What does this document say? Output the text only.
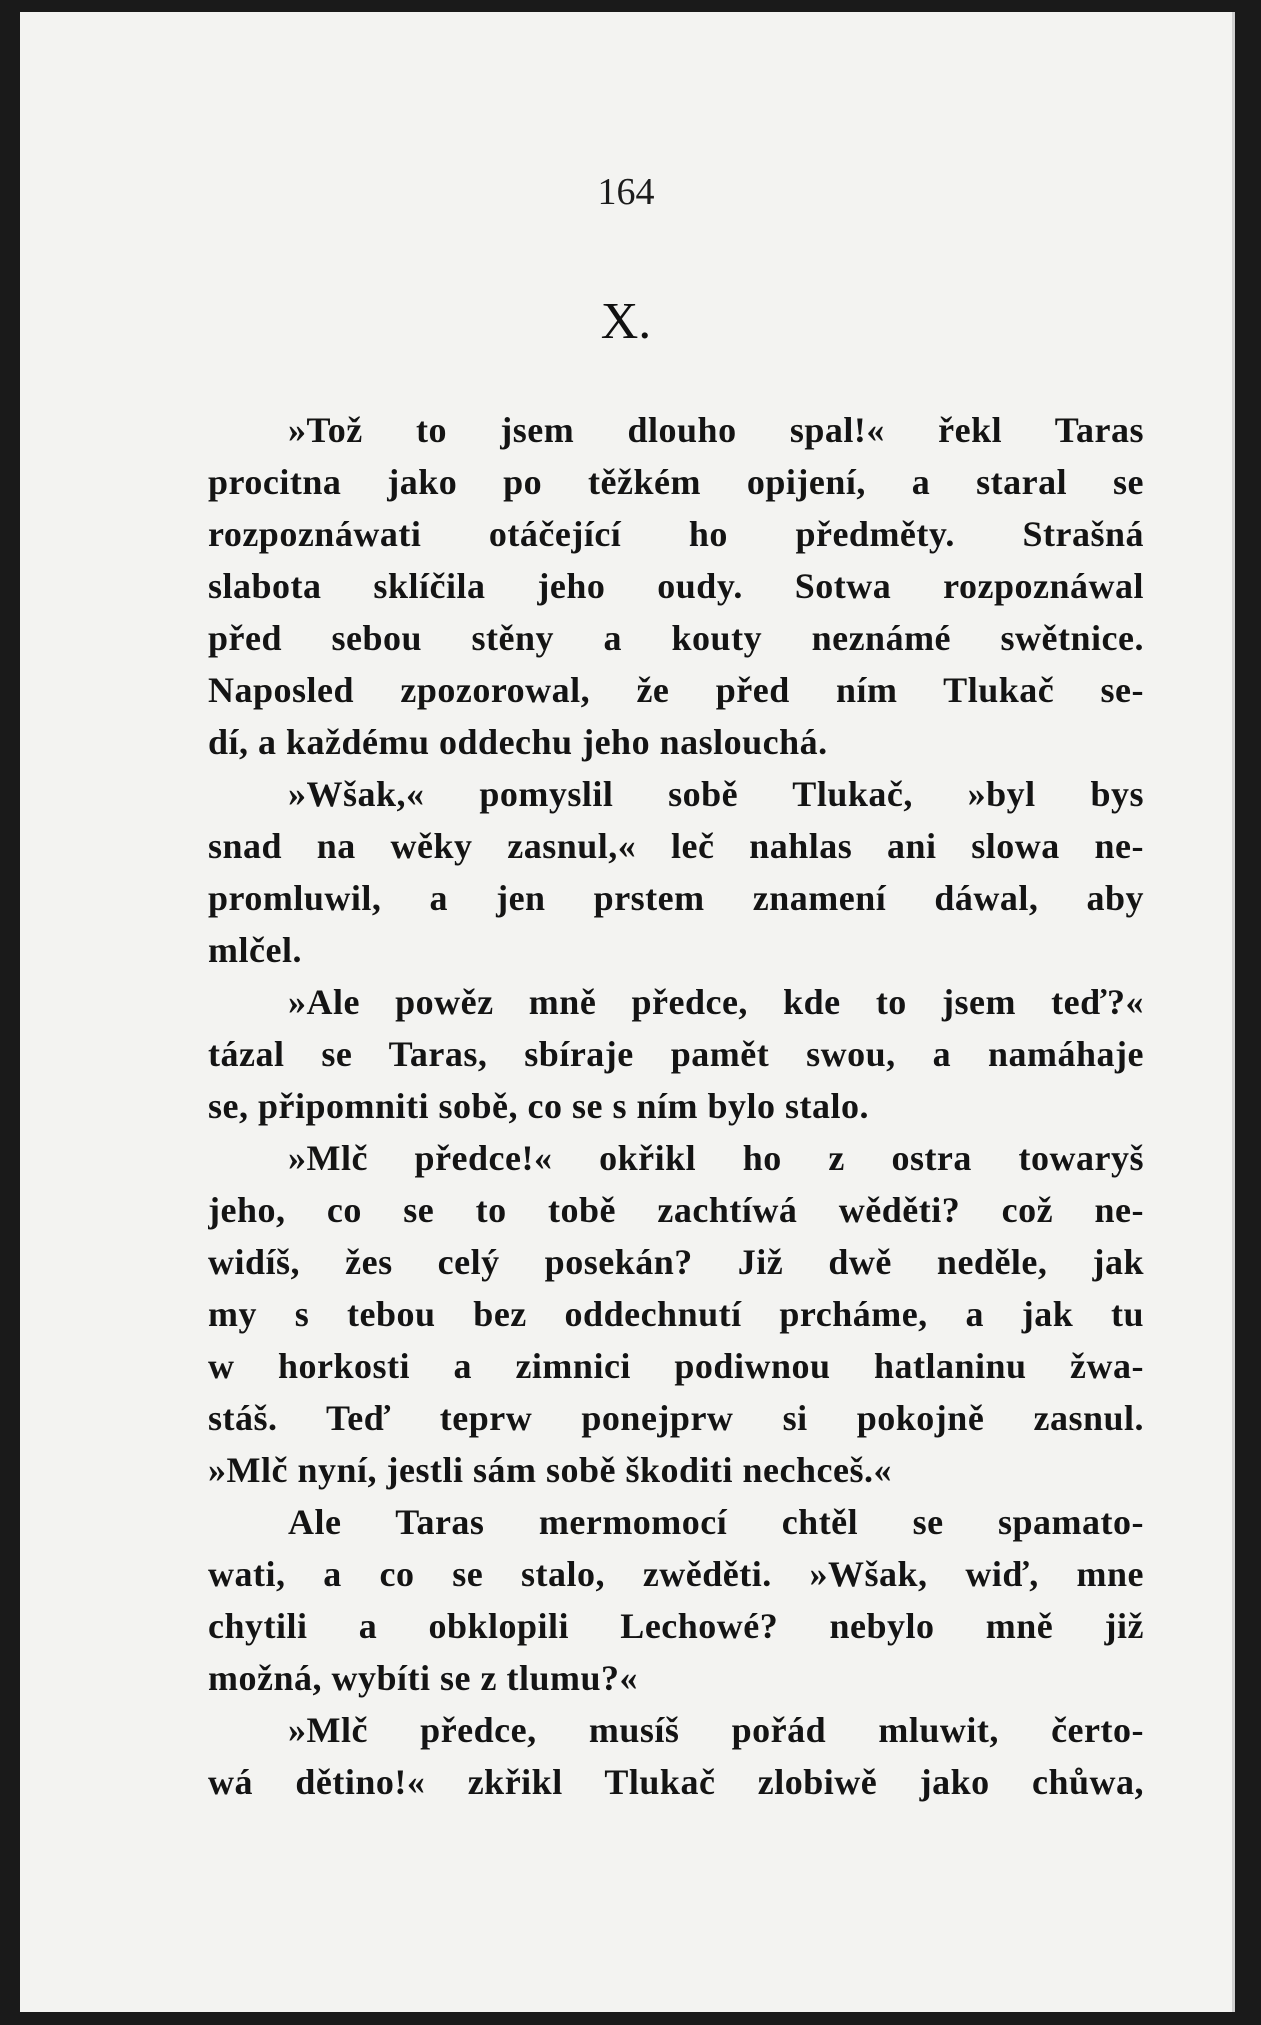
164
X.
»Tož to jsem dlouho spal!« řekl Taras
procitna jako po těžkém opijení, a staral se
rozpoznáwati otáčející ho předměty. Strašná
slabota sklíčila jeho oudy. Sotwa rozpoznáwal
před sebou stěny a kouty neznámé swětnice.
Naposled zpozorowal, že před ním Tlukač se-
dí, a každému oddechu jeho naslouchá.
»Wšak,« pomyslil sobě Tlukač, »byl bys
snad na wěky zasnul,« leč nahlas ani slowa ne-
promluwil, a jen prstem znamení dáwal, aby
mlčel.
»Ale powěz mně předce, kde to jsem teď?«
tázal se Taras, sbíraje pamět swou, a namáhaje
se, připomniti sobě, co se s ním bylo stalo.
»Mlč předce!« okřikl ho z ostra towaryš
jeho, co se to tobě zachtíwá wěděti? což ne-
widíš, žes celý posekán? Již dwě neděle, jak
my s tebou bez oddechnutí prcháme, a jak tu
w horkosti a zimnici podiwnou hatlaninu žwa-
stáš. Teď teprw ponejprw si pokojně zasnul.
»Mlč nyní, jestli sám sobě škoditi nechceš.«
Ale Taras mermomocí chtěl se spamato-
wati, a co se stalo, zwěděti. »Wšak, wiď, mne
chytili a obklopili Lechowé? nebylo mně již
možná, wybíti se z tlumu?«
»Mlč předce, musíš pořád mluwit, čerto-
wá dětino!« zkřikl Tlukač zlobiwě jako chůwa,
